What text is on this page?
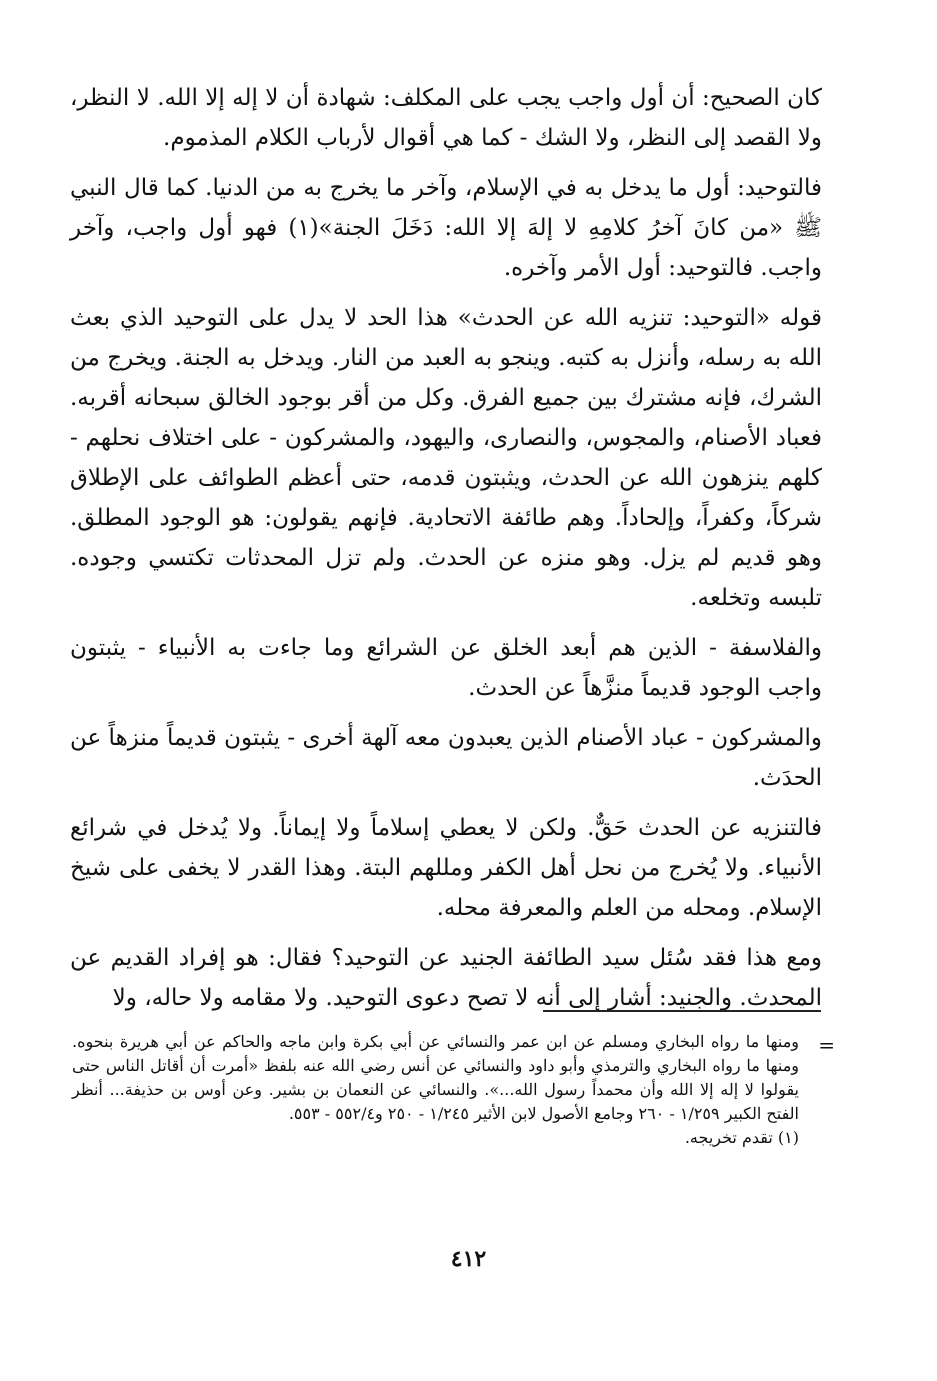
كان الصحيح: أن أول واجب يجب على المكلف: شهادة أن لا إله إلا الله. لا النظر، ولا القصد إلى النظر، ولا الشك - كما هي أقوال لأرباب الكلام المذموم.

فالتوحيد: أول ما يدخل به في الإسلام، وآخر ما يخرج به من الدنيا. كما قال النبي ﷺ «من كانَ آخرُ كلامِهِ لا إلهَ إلا الله: دَخَلَ الجنة»(١) فهو أول واجب، وآخر واجب. فالتوحيد: أول الأمر وآخره.

قوله «التوحيد: تنزيه الله عن الحدث» هذا الحد لا يدل على التوحيد الذي بعث الله به رسله، وأنزل به كتبه. وينجو به العبد من النار. ويدخل به الجنة. ويخرج من الشرك، فإنه مشترك بين جميع الفرق. وكل من أقر بوجود الخالق سبحانه أقربه. فعباد الأصنام، والمجوس، والنصارى، واليهود، والمشركون - على اختلاف نحلهم - كلهم ينزهون الله عن الحدث، ويثبتون قدمه، حتى أعظم الطوائف على الإطلاق شركاً، وكفراً، وإلحاداً. وهم طائفة الاتحادية. فإنهم يقولون: هو الوجود المطلق. وهو قديم لم يزل. وهو منزه عن الحدث. ولم تزل المحدثات تكتسي وجوده. تلبسه وتخلعه.

والفلاسفة - الذين هم أبعد الخلق عن الشرائع وما جاءت به الأنبياء - يثبتون واجب الوجود قديماً منزَّهاً عن الحدث.

والمشركون - عباد الأصنام الذين يعبدون معه آلهة أخرى - يثبتون قديماً منزهاً عن الحدَث.

فالتنزيه عن الحدث حَقٌّ. ولكن لا يعطي إسلاماً ولا إيماناً. ولا يُدخل في شرائع الأنبياء. ولا يُخرج من نحل أهل الكفر ومللهم البتة. وهذا القدر لا يخفى على شيخ الإسلام. ومحله من العلم والمعرفة محله.

ومع هذا فقد سُئل سيد الطائفة الجنيد عن التوحيد؟ فقال: هو إفراد القديم عن المحدث. والجنيد: أشار إلى أنه لا تصح دعوى التوحيد. ولا مقامه ولا حاله، ولا

=

ومنها ما رواه البخاري ومسلم عن ابن عمر والنسائي عن أبي بكرة وابن ماجه والحاكم عن أبي هريرة بنحوه. ومنها ما رواه البخاري والترمذي وأبو داود والنسائي عن أنس رضي الله عنه بلفظ «أمرت أن أقاتل الناس حتى يقولوا لا إله إلا الله وأن محمداً رسول الله...». والنسائي عن النعمان بن بشير. وعن أوس بن حذيفة... أنظر الفتح الكبير ١/٢٥٩ - ٢٦٠ وجامع الأصول لابن الأثير ١/٢٤٥ - ٢٥٠ و٥٥٢/٤ - ٥٥٣.

(١) تقدم تخريجه.

٤١٢
